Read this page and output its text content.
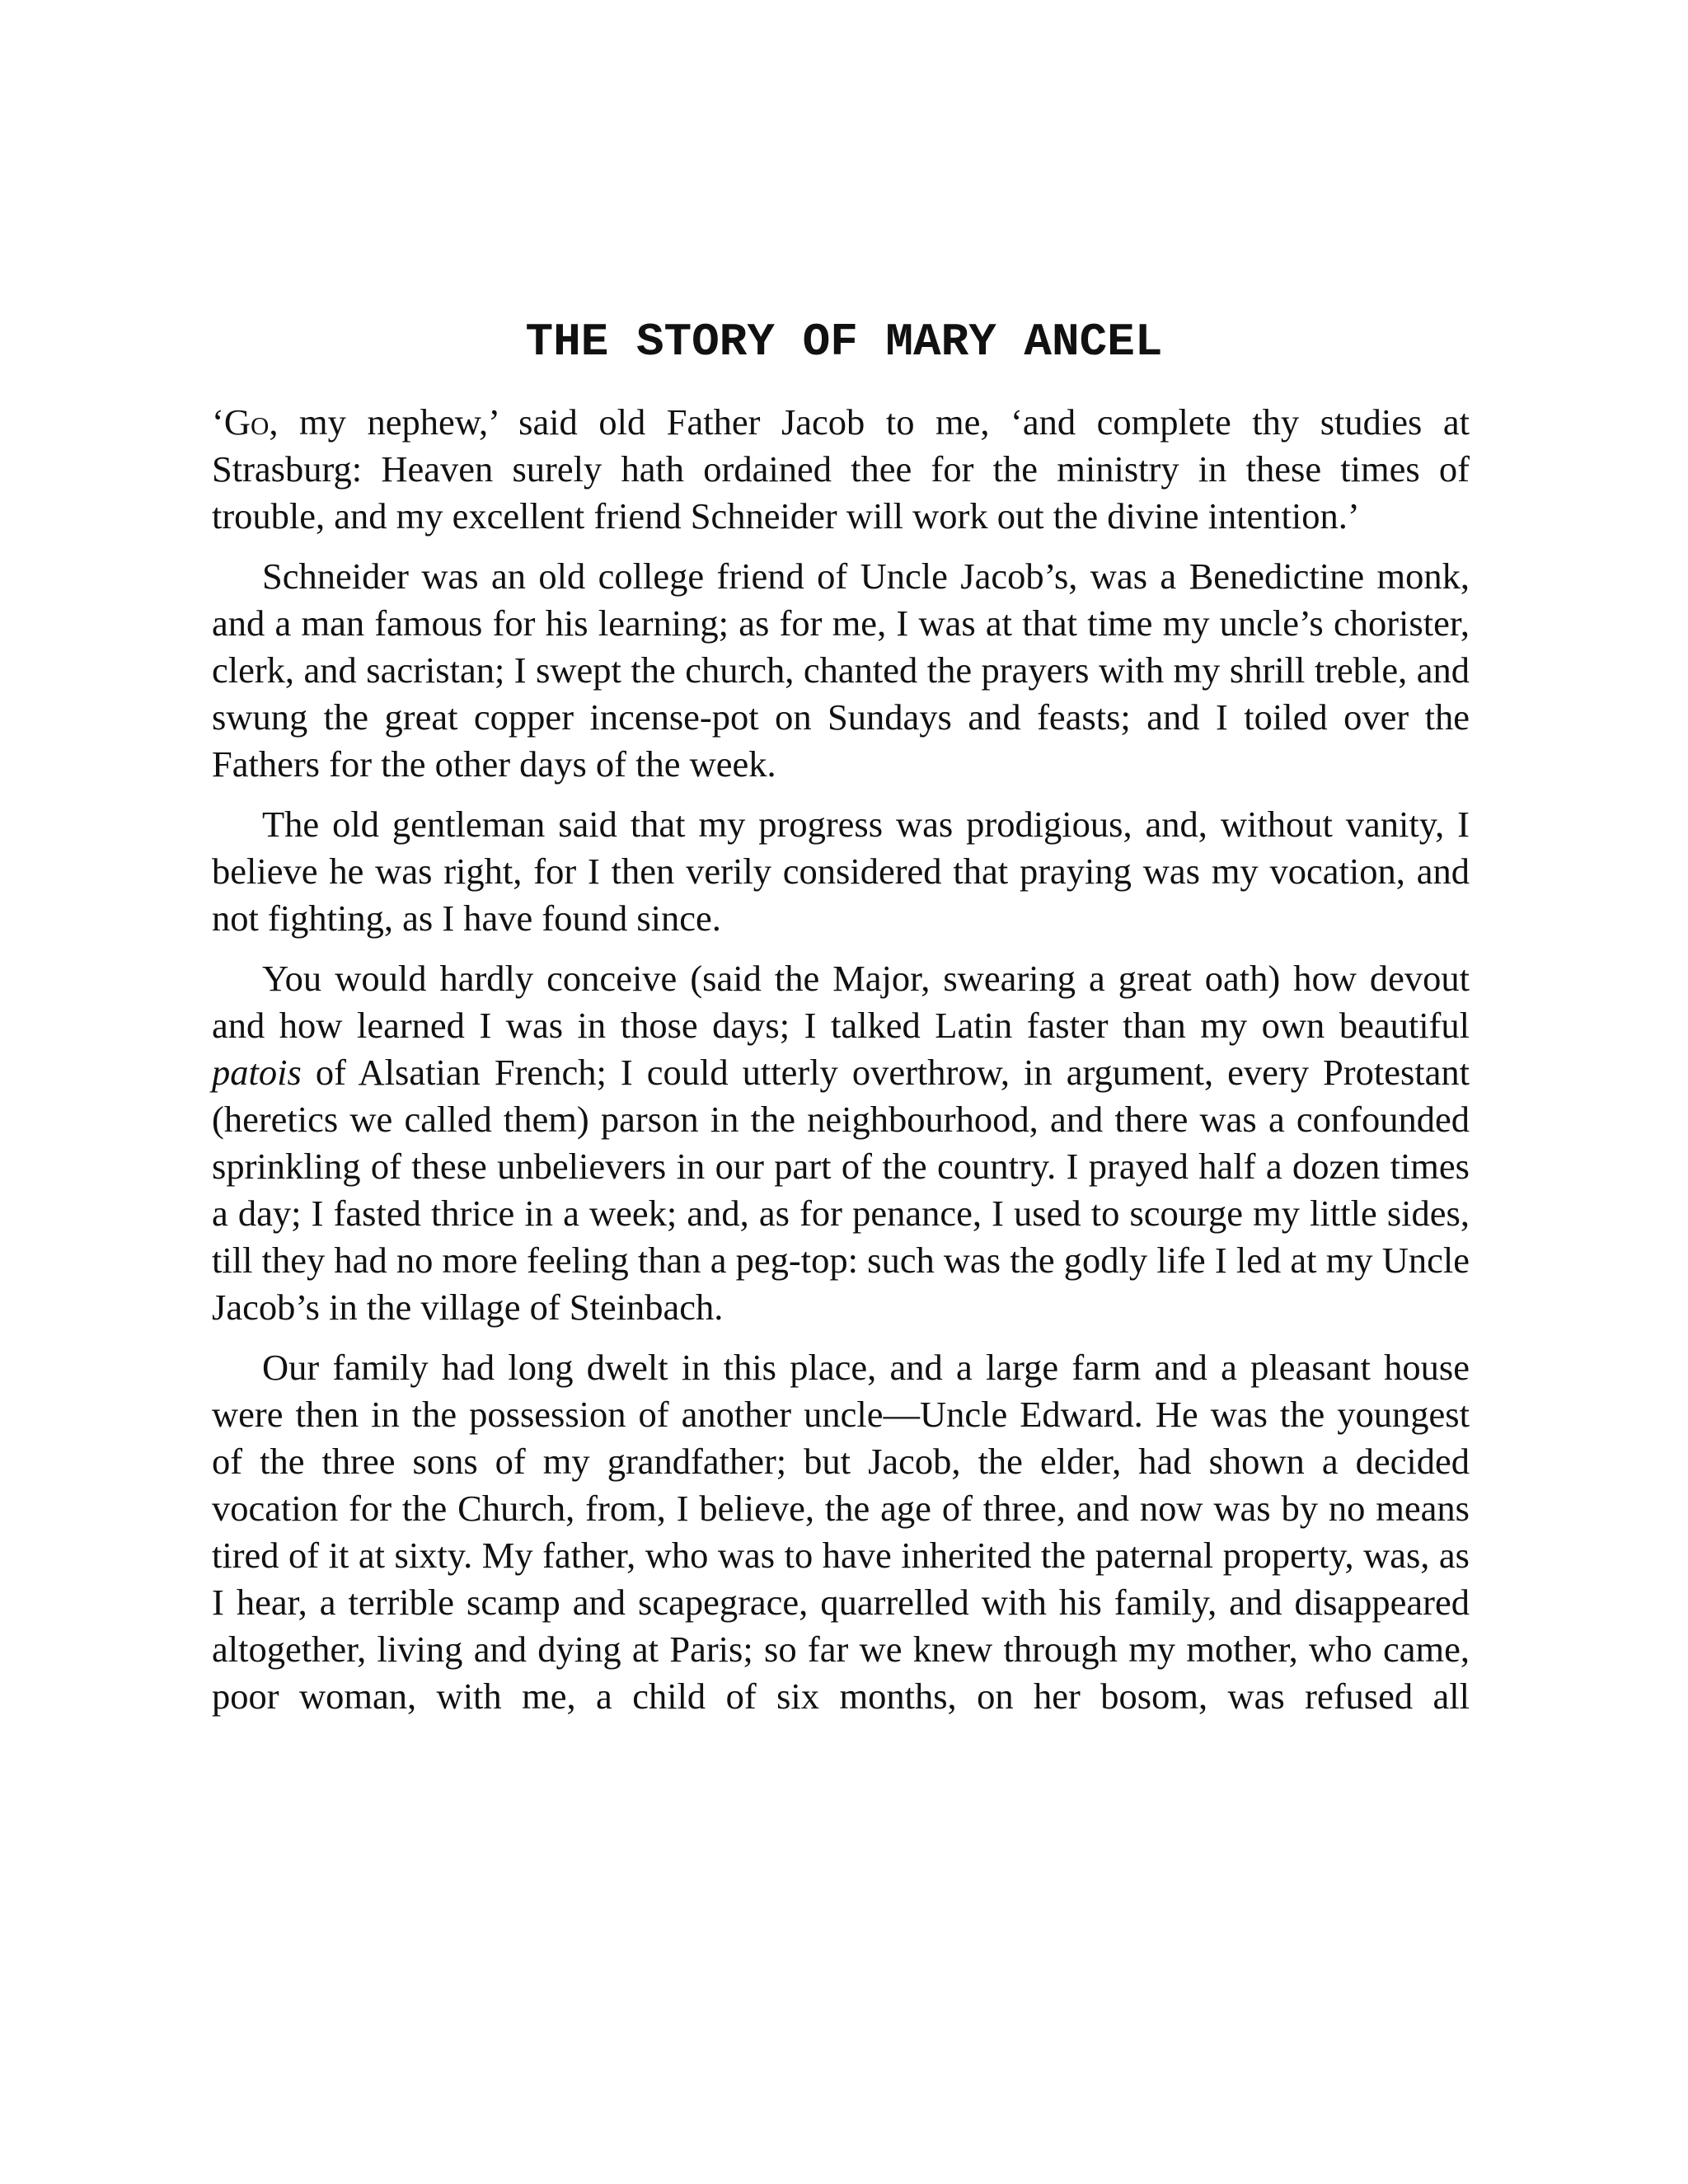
THE STORY OF MARY ANCEL

‘Go, my nephew,’ said old Father Jacob to me, ‘and complete thy studies at Strasburg: Heaven surely hath ordained thee for the ministry in these times of trouble, and my excellent friend Schneider will work out the divine intention.’

Schneider was an old college friend of Uncle Jacob’s, was a Benedictine monk, and a man famous for his learning; as for me, I was at that time my uncle’s chorister, clerk, and sacristan; I swept the church, chanted the prayers with my shrill treble, and swung the great copper incense-pot on Sundays and feasts; and I toiled over the Fathers for the other days of the week.

The old gentleman said that my progress was prodigious, and, without vanity, I believe he was right, for I then verily considered that praying was my vocation, and not fighting, as I have found since.

You would hardly conceive (said the Major, swearing a great oath) how devout and how learned I was in those days; I talked Latin faster than my own beautiful patois of Alsatian French; I could utterly overthrow, in argument, every Protestant (heretics we called them) parson in the neighbourhood, and there was a confounded sprinkling of these unbelievers in our part of the country. I prayed half a dozen times a day; I fasted thrice in a week; and, as for penance, I used to scourge my little sides, till they had no more feeling than a peg-top: such was the godly life I led at my Uncle Jacob’s in the village of Steinbach.

Our family had long dwelt in this place, and a large farm and a pleasant house were then in the possession of another uncle—Uncle Edward. He was the youngest of the three sons of my grandfather; but Jacob, the elder, had shown a decided vocation for the Church, from, I believe, the age of three, and now was by no means tired of it at sixty. My father, who was to have inherited the paternal property, was, as I hear, a terrible scamp and scapegrace, quarrelled with his family, and disappeared altogether, living and dying at Paris; so far we knew through my mother, who came, poor woman, with me, a child of six months, on her bosom, was refused all
